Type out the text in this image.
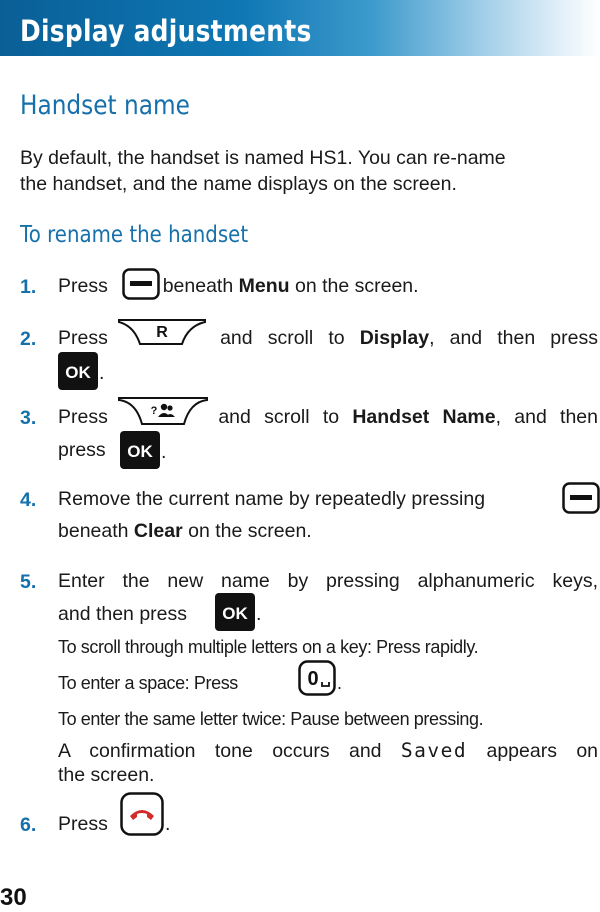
Display adjustments
Handset name

By default, the handset is named HS1. You can re-name
the handset, and the name displays on the screen.

To rename the handset
1. Press	beneath Menu on the screen.
2. Press	and scroll to Display, and then press
R
OK .
3. Press	and scroll to Handset Name, and then
?
press OK .
4. Remove the current name by repeatedly pressing
beneath Clear on the screen.
5. Enter the new name by pressing alphanumeric keys,
and then press OK .
To scroll through multiple letters on a key: Press rapidly.
To enter a space: Press	0 .
To enter the same letter twice: Pause between pressing.
A confirmation tone occurs and Saved appears on
the screen.
6. Press	.
30
